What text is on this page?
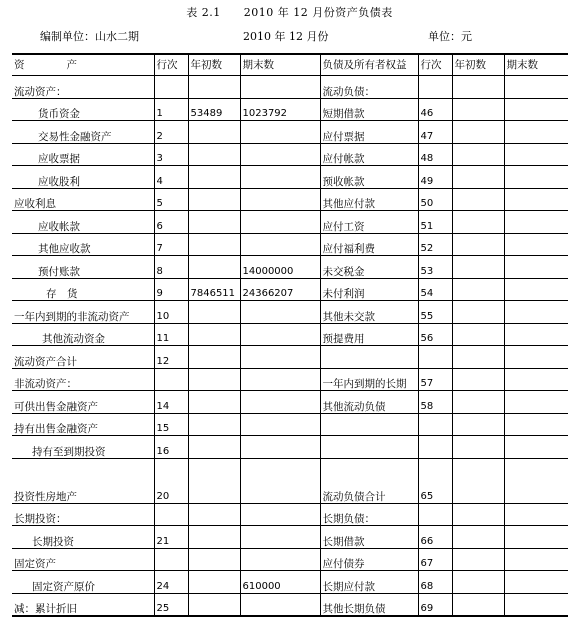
表 2.1　　2010 年 12 月份资产负债表
编制单位：山水二期	2010 年 12 月份	单位：元
资　　　　产	行次	年初数	期末数	负债及所有者权益	行次	年初数	期末数
流动资产：				流动负债：			
货币资金	1	53489	1023792	短期借款	46		
交易性金融资产	2			应付票据	47		
应收票据	3			应付帐款	48		
应收股利	4			预收帐款	49		
应收利息	5			其他应付款	50		
应收帐款	6			应付工资	51		
其他应收款	7			应付福利费	52		
预付账款	8		14000000	未交税金	53		
存　货	9	7846511	24366207	未付利润	54		
一年内到期的非流动资产	10			其他未交款	55		
其他流动资金	11			预提费用	56		
流动资产合计	12						
非流动资产：				一年内到期的长期	57		
可供出售金融资产	14			其他流动负债	58		
持有出售金融资产	15						
持有至到期投资	16						
投资性房地产	20			流动负债合计	65		
长期投资：				长期负债：			
长期投资	21			长期借款	66		
固定资产				应付债券	67		
固定资产原价	24		610000	长期应付款	68		
减：累计折旧	25			其他长期负债	69		
